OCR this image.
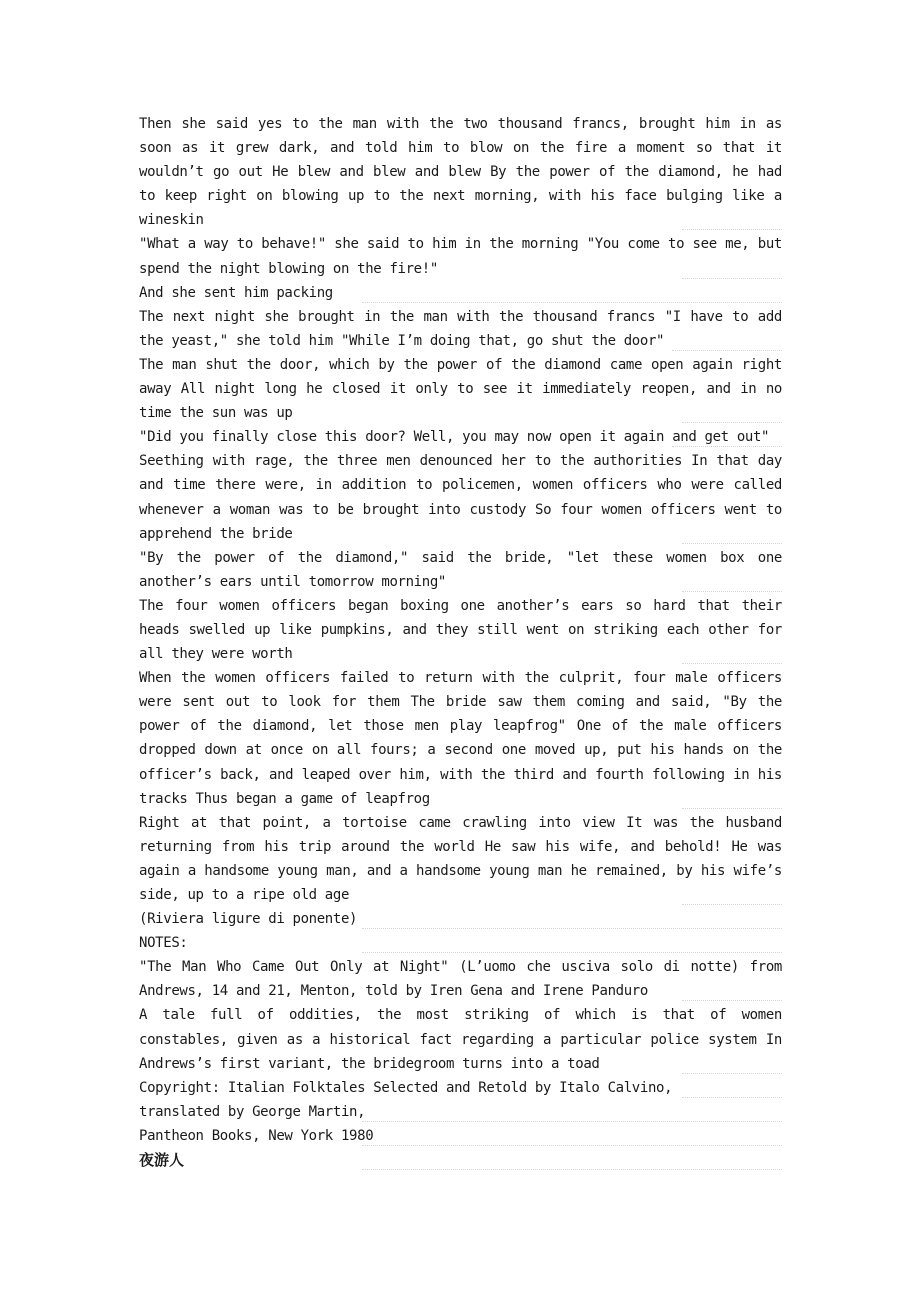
Then she said yes to the man with the two thousand francs, brought him in as soon as it grew dark, and told him to blow on the fire a moment so that it wouldn’t go out He blew and blew and blew By the power of the diamond, he had to keep right on blowing up to the next morning, with his face bulging like a wineskin

"What a way to behave!" she said to him in the morning "You come to see me, but spend the night blowing on the fire!"

And she sent him packing

The next night she brought in the man with the thousand francs "I have to add the yeast," she told him "While I’m doing that, go shut the door"

The man shut the door, which by the power of the diamond came open again right away All night long he closed it only to see it immediately reopen, and in no time the sun was up

"Did you finally close this door? Well, you may now open it again and get out"

Seething with rage, the three men denounced her to the authorities In that day and time there were, in addition to policemen, women officers who were called whenever a woman was to be brought into custody So four women officers went to apprehend the bride

"By the power of the diamond," said the bride, "let these women box one another’s ears until tomorrow morning"

The four women officers began boxing one another’s ears so hard that their heads swelled up like pumpkins, and they still went on striking each other for all they were worth

When the women officers failed to return with the culprit, four male officers were sent out to look for them The bride saw them coming and said, "By the power of the diamond, let those men play leapfrog" One of the male officers dropped down at once on all fours; a second one moved up, put his hands on the officer’s back, and leaped over him, with the third and fourth following in his tracks Thus began a game of leapfrog

Right at that point, a tortoise came crawling into view It was the husband returning from his trip around the world He saw his wife, and behold! He was again a handsome young man, and a handsome young man he remained, by his wife’s side, up to a ripe old age

(Riviera ligure di ponente)

NOTES:

"The Man Who Came Out Only at Night" (L’uomo che usciva solo di notte) from Andrews, 14 and 21, Menton, told by Iren Gena and Irene Panduro

A tale full of oddities, the most striking of which is that of women constables, given as a historical fact regarding a particular police system In Andrews’s first variant, the bridegroom turns into a toad

Copyright: Italian Folktales Selected and Retold by Italo Calvino,

translated by George Martin,

Pantheon Books, New York 1980

夜游人
